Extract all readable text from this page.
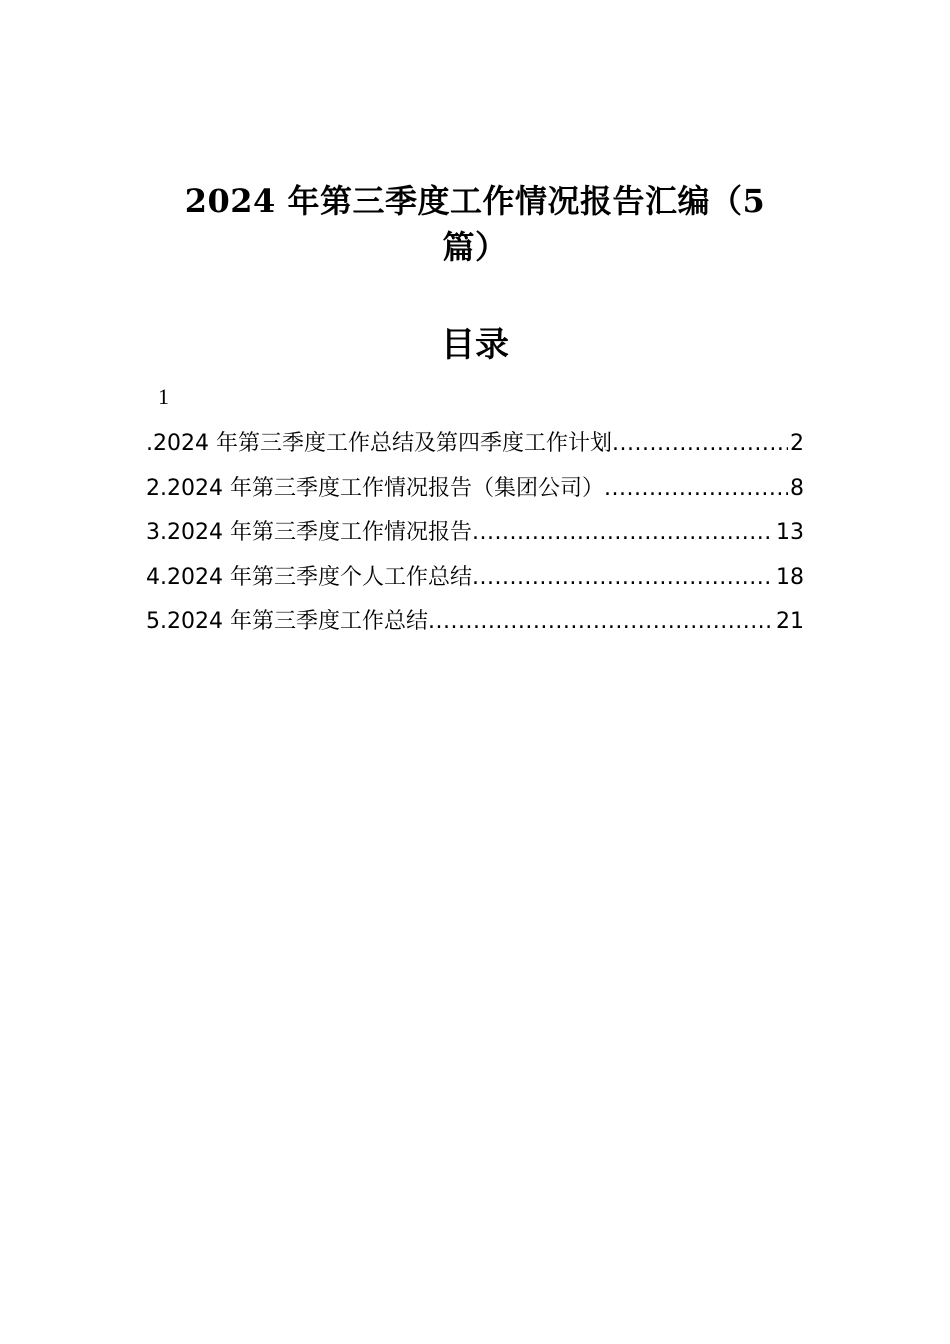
2024 年第三季度工作情况报告汇编（5
篇）
目录
1
.2024 年第三季度工作总结及第四季度工作计划 .....	2
2.2024 年第三季度工作情况报告（集团公司） .....	8
3.2024 年第三季度工作情况报告 .....	13
4.2024 年第三季度个人工作总结 .....	18
5.2024 年第三季度工作总结 .....	21
